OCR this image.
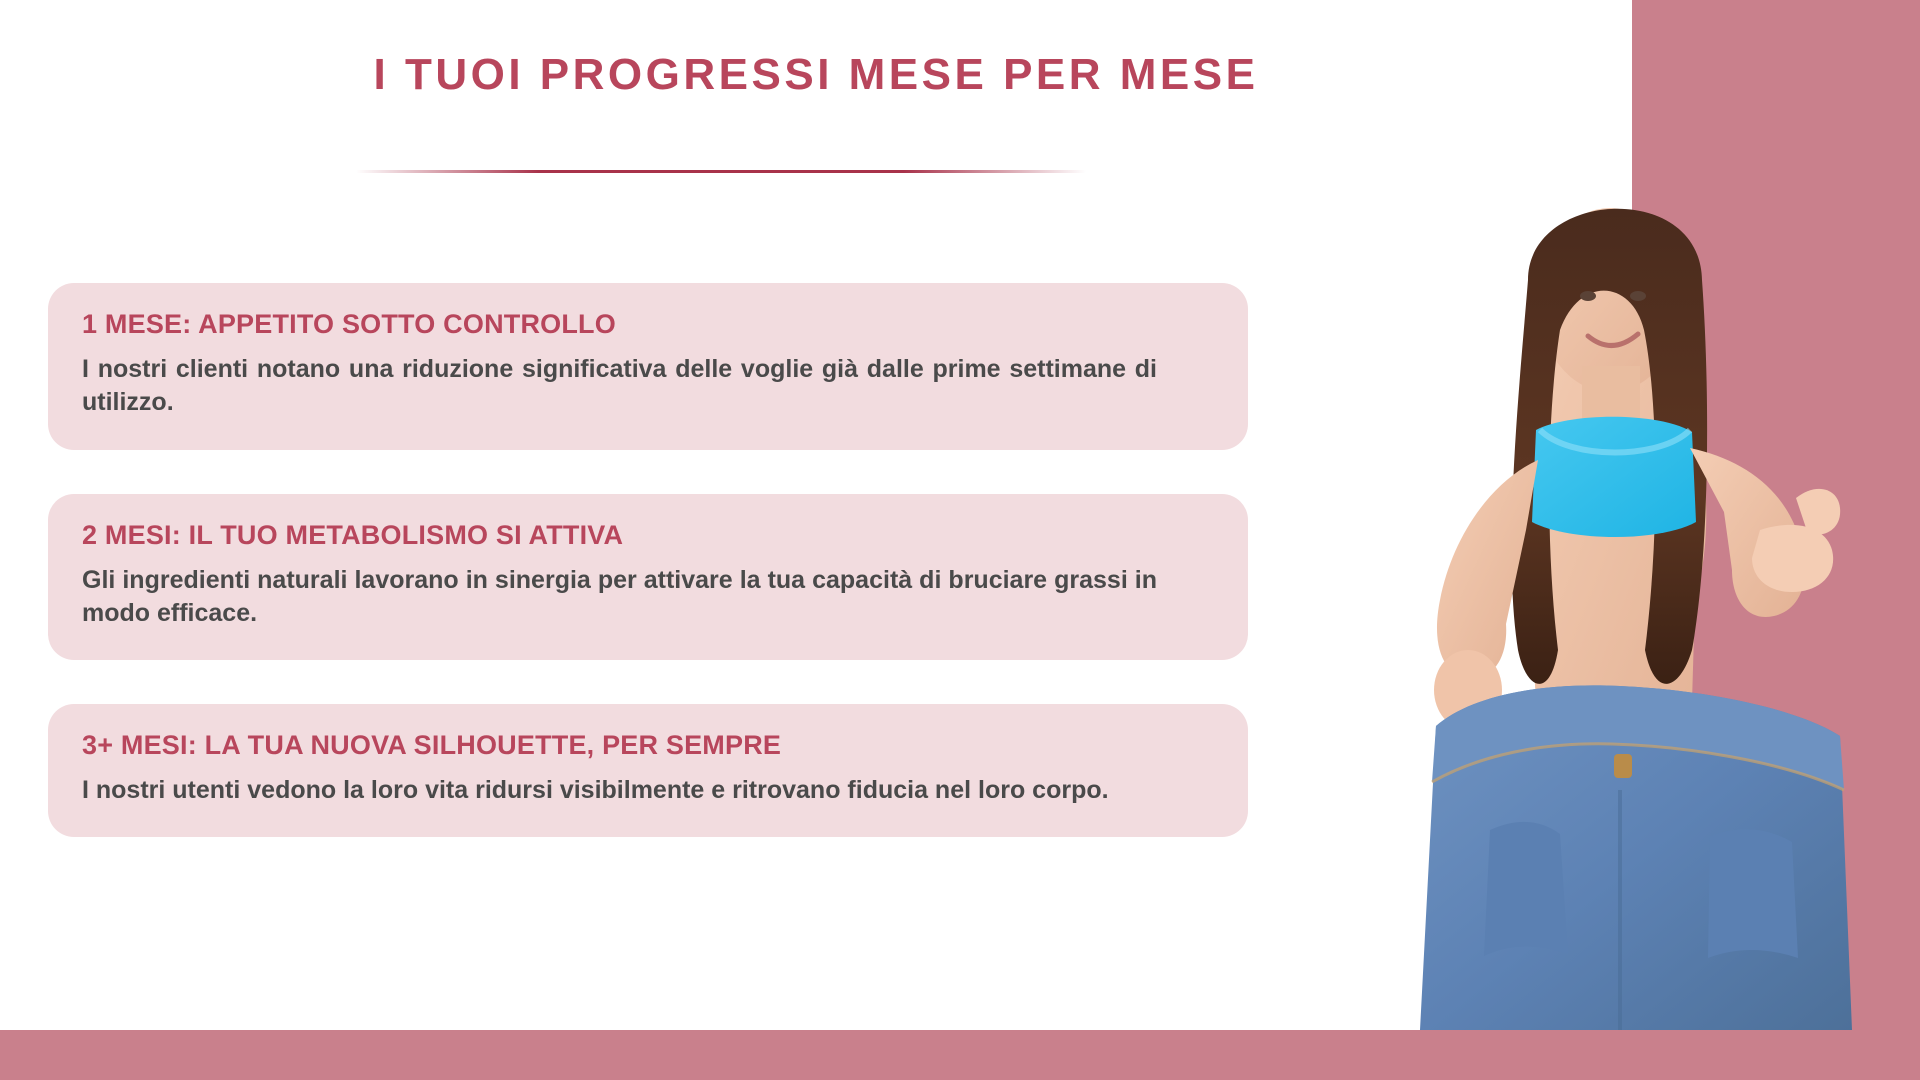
I TUOI PROGRESSI MESE PER MESE
1 MESE: APPETITO SOTTO CONTROLLO
I nostri clienti notano una riduzione significativa delle voglie già dalle prime settimane di utilizzo.
2 MESI: IL TUO METABOLISMO SI ATTIVA
Gli ingredienti naturali lavorano in sinergia per attivare la tua capacità di bruciare grassi in modo efficace.
3+ MESI: LA TUA NUOVA SILHOUETTE, PER SEMPRE
I nostri utenti vedono la loro vita ridursi visibilmente e ritrovano fiducia nel loro corpo.
